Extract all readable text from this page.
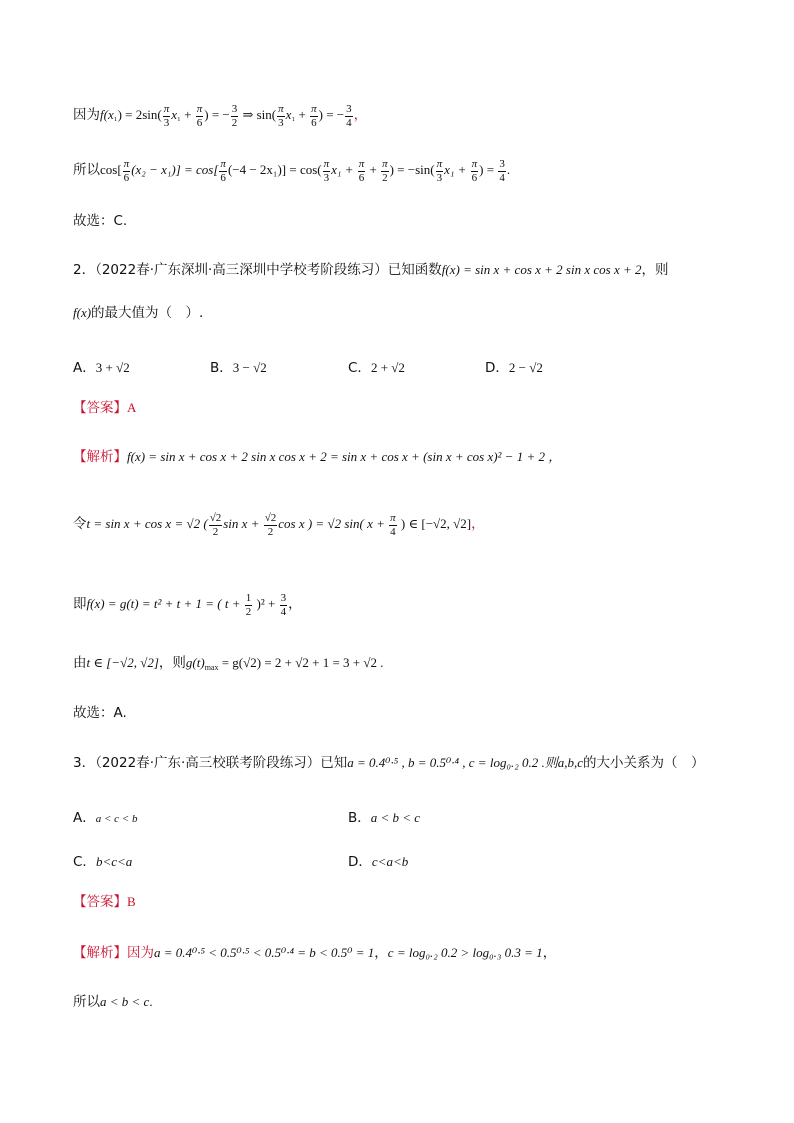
因为$f(x_1) = 2\sin( \frac{\pi}{3} x_1 + \frac{\pi}{6}$ ) = − $\frac{3}{2}$ ⇒ $\sin( \frac{\pi}{3} x_1 + \frac{\pi}{6}$ ) = − $\frac{3}{4}$ ，
所以$\cos[ \frac{\pi}{6} (x_2 - x_1)] = \cos[ \frac{\pi}{6} (-4 - 2x_1)] = \cos( \frac{\pi}{3} x_1 + \frac{\pi}{6} + \frac{\pi}{2}$ ) = $-\sin( \frac{\pi}{3} x_1 + \frac{\pi}{6}$ ) = $\frac{3}{4}$ .
故选：C.
2．（2022春·广东深圳·高三深圳中学校考阶段练习）已知函数f(x) = sin x + cos x + 2 sin x cos x + 2，则
f(x)的最大值为（　）.
A．3 + √2	B．3 − √2	C．2 + √2	D．2 − √2
【答案】A
【解析】f(x) = sin x + cos x + 2 sin x cos x + 2 = sin x + cos x + (sin x + cos x)² − 1 + 2 ，
令t = sin x + cos x = √2 ( $\frac{√2}{2}$ $\sin x + \frac{√2}{2}$ cos x ) = √2 sin( $x + \frac{\pi}{4}$ ) ∈ [−√2, √2]，
即f(x) = g(t) = t² + t + 1 = ( $t + \frac{1}{2} )^2 + \frac{3}{4}$ ，
由t ∈ [−√2, √2]，则$g(t)_{max} = g(√2) = 2 + √2 + 1 = 3 + √2$ .
故选：A.
3．（2022春·广东·高三校联考阶段练习）已知a = 0.4⁰·⁵ , b = 0.5⁰·⁴ , c = log₀.₂ 0.2 .则a,b,c的大小关系为（　）
A．a < c < b	B．a < b < c
C．b<c<a	D．c<a<b
【答案】B
【解析】因为a = 0.4⁰·⁵ < 0.5⁰·⁵ < 0.5⁰·⁴ = b < 0.5⁰ = 1，c = log₀.₂ 0.2 > log₀.₃ 0.3 = 1，
所以a < b < c.
